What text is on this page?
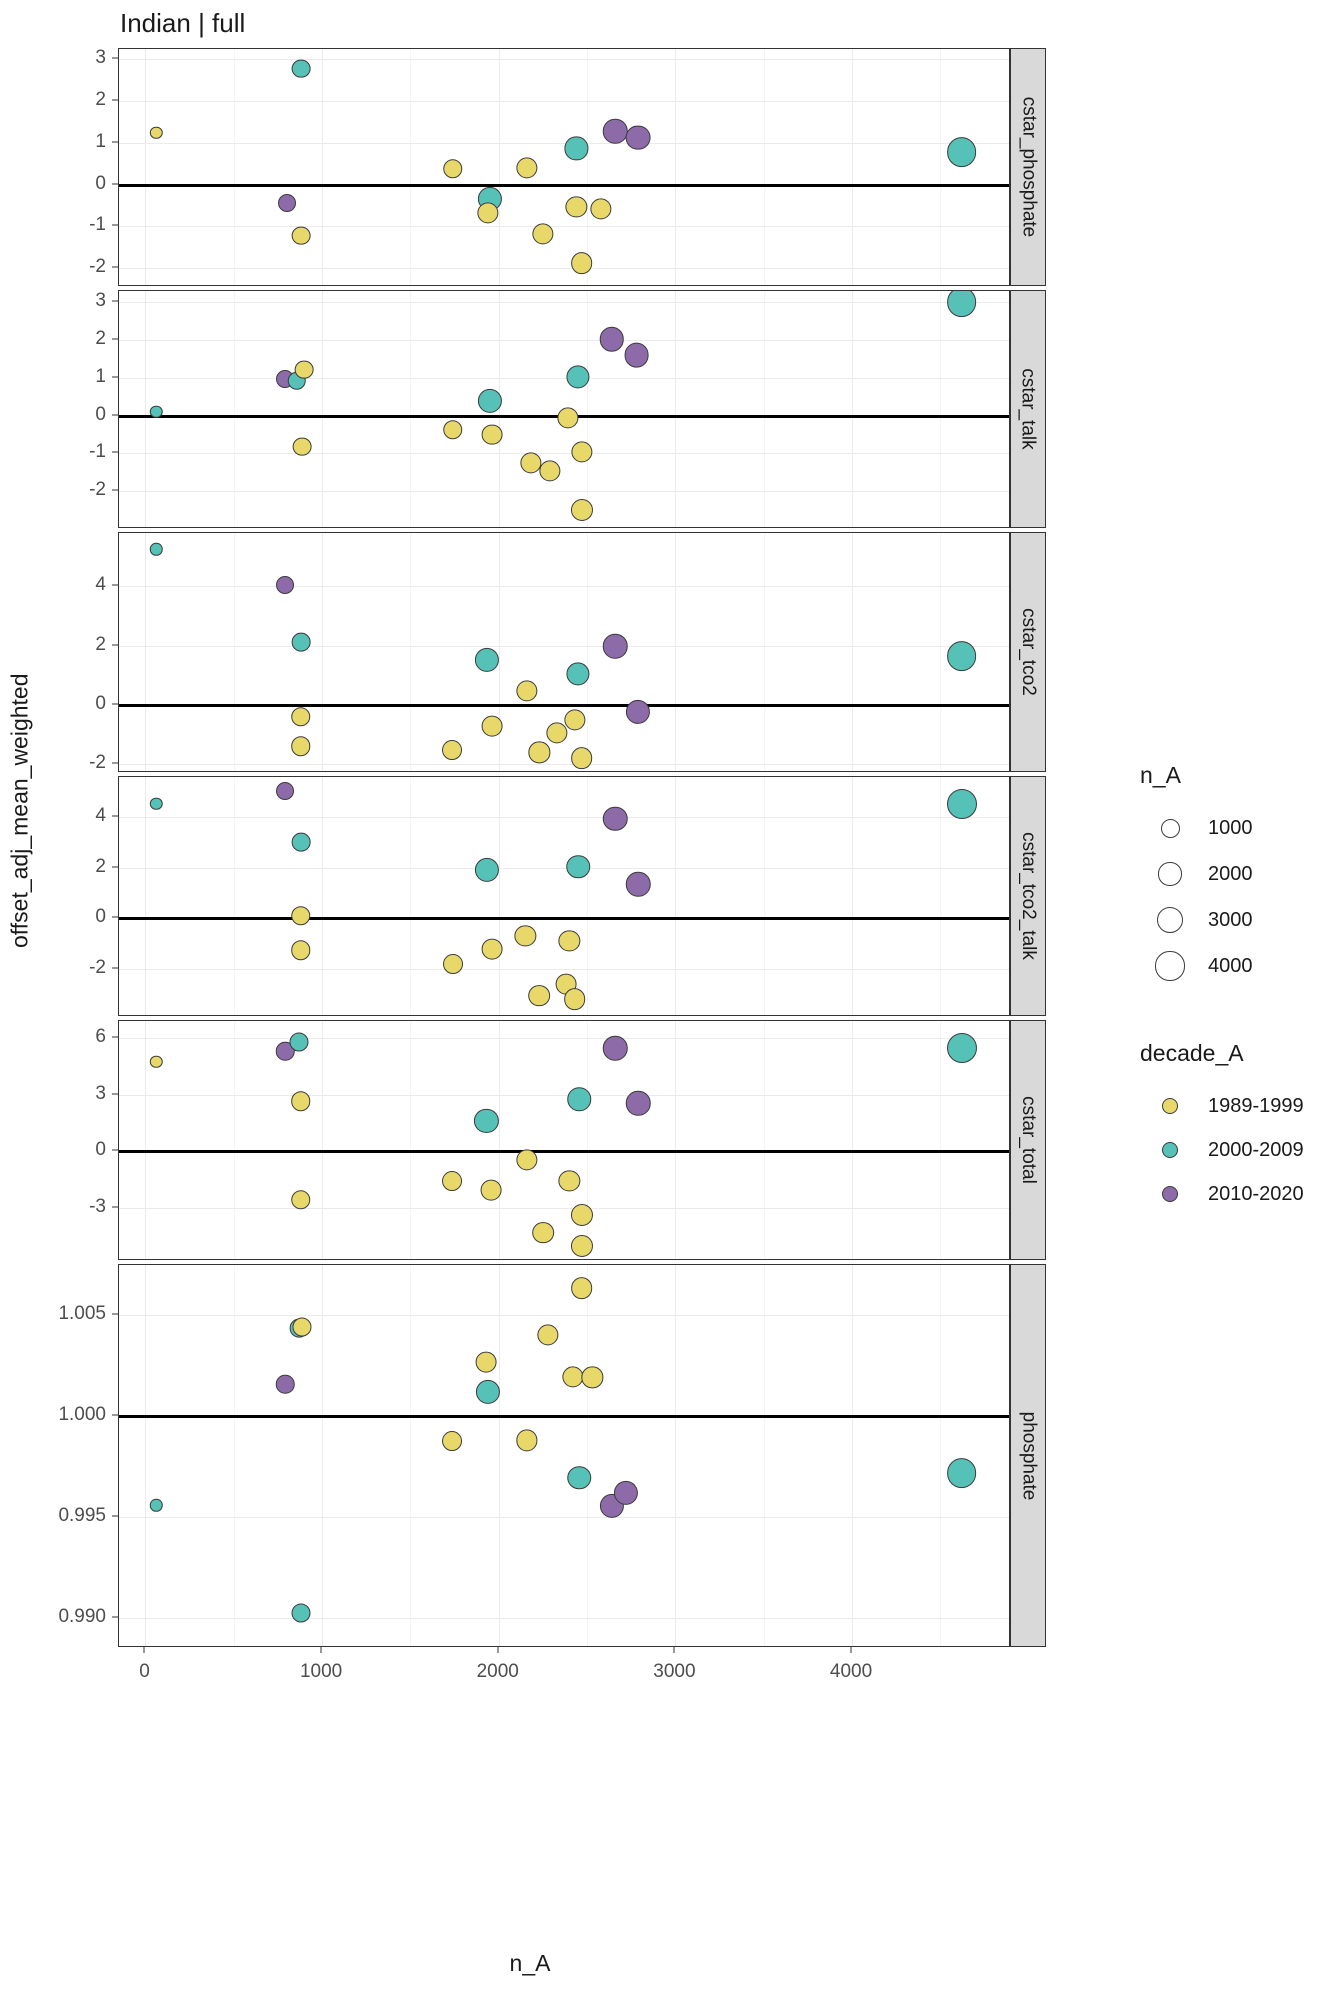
Indian | full
offset_adj_mean_weighted
n_A
-2
-1
0
1
2
3
cstar_phosphate
-2
-1
0
1
2
3
cstar_talk
-2
0
2
4
cstar_tco2
-2
0
2
4
cstar_tco2_talk
-3
0
3
6
cstar_total
0.990
0.995
1.000
1.005
phosphate
0	1000	2000	3000	4000
n_A
1000
2000
3000
4000
decade_A
1989-1999
2000-2009
2010-2020
